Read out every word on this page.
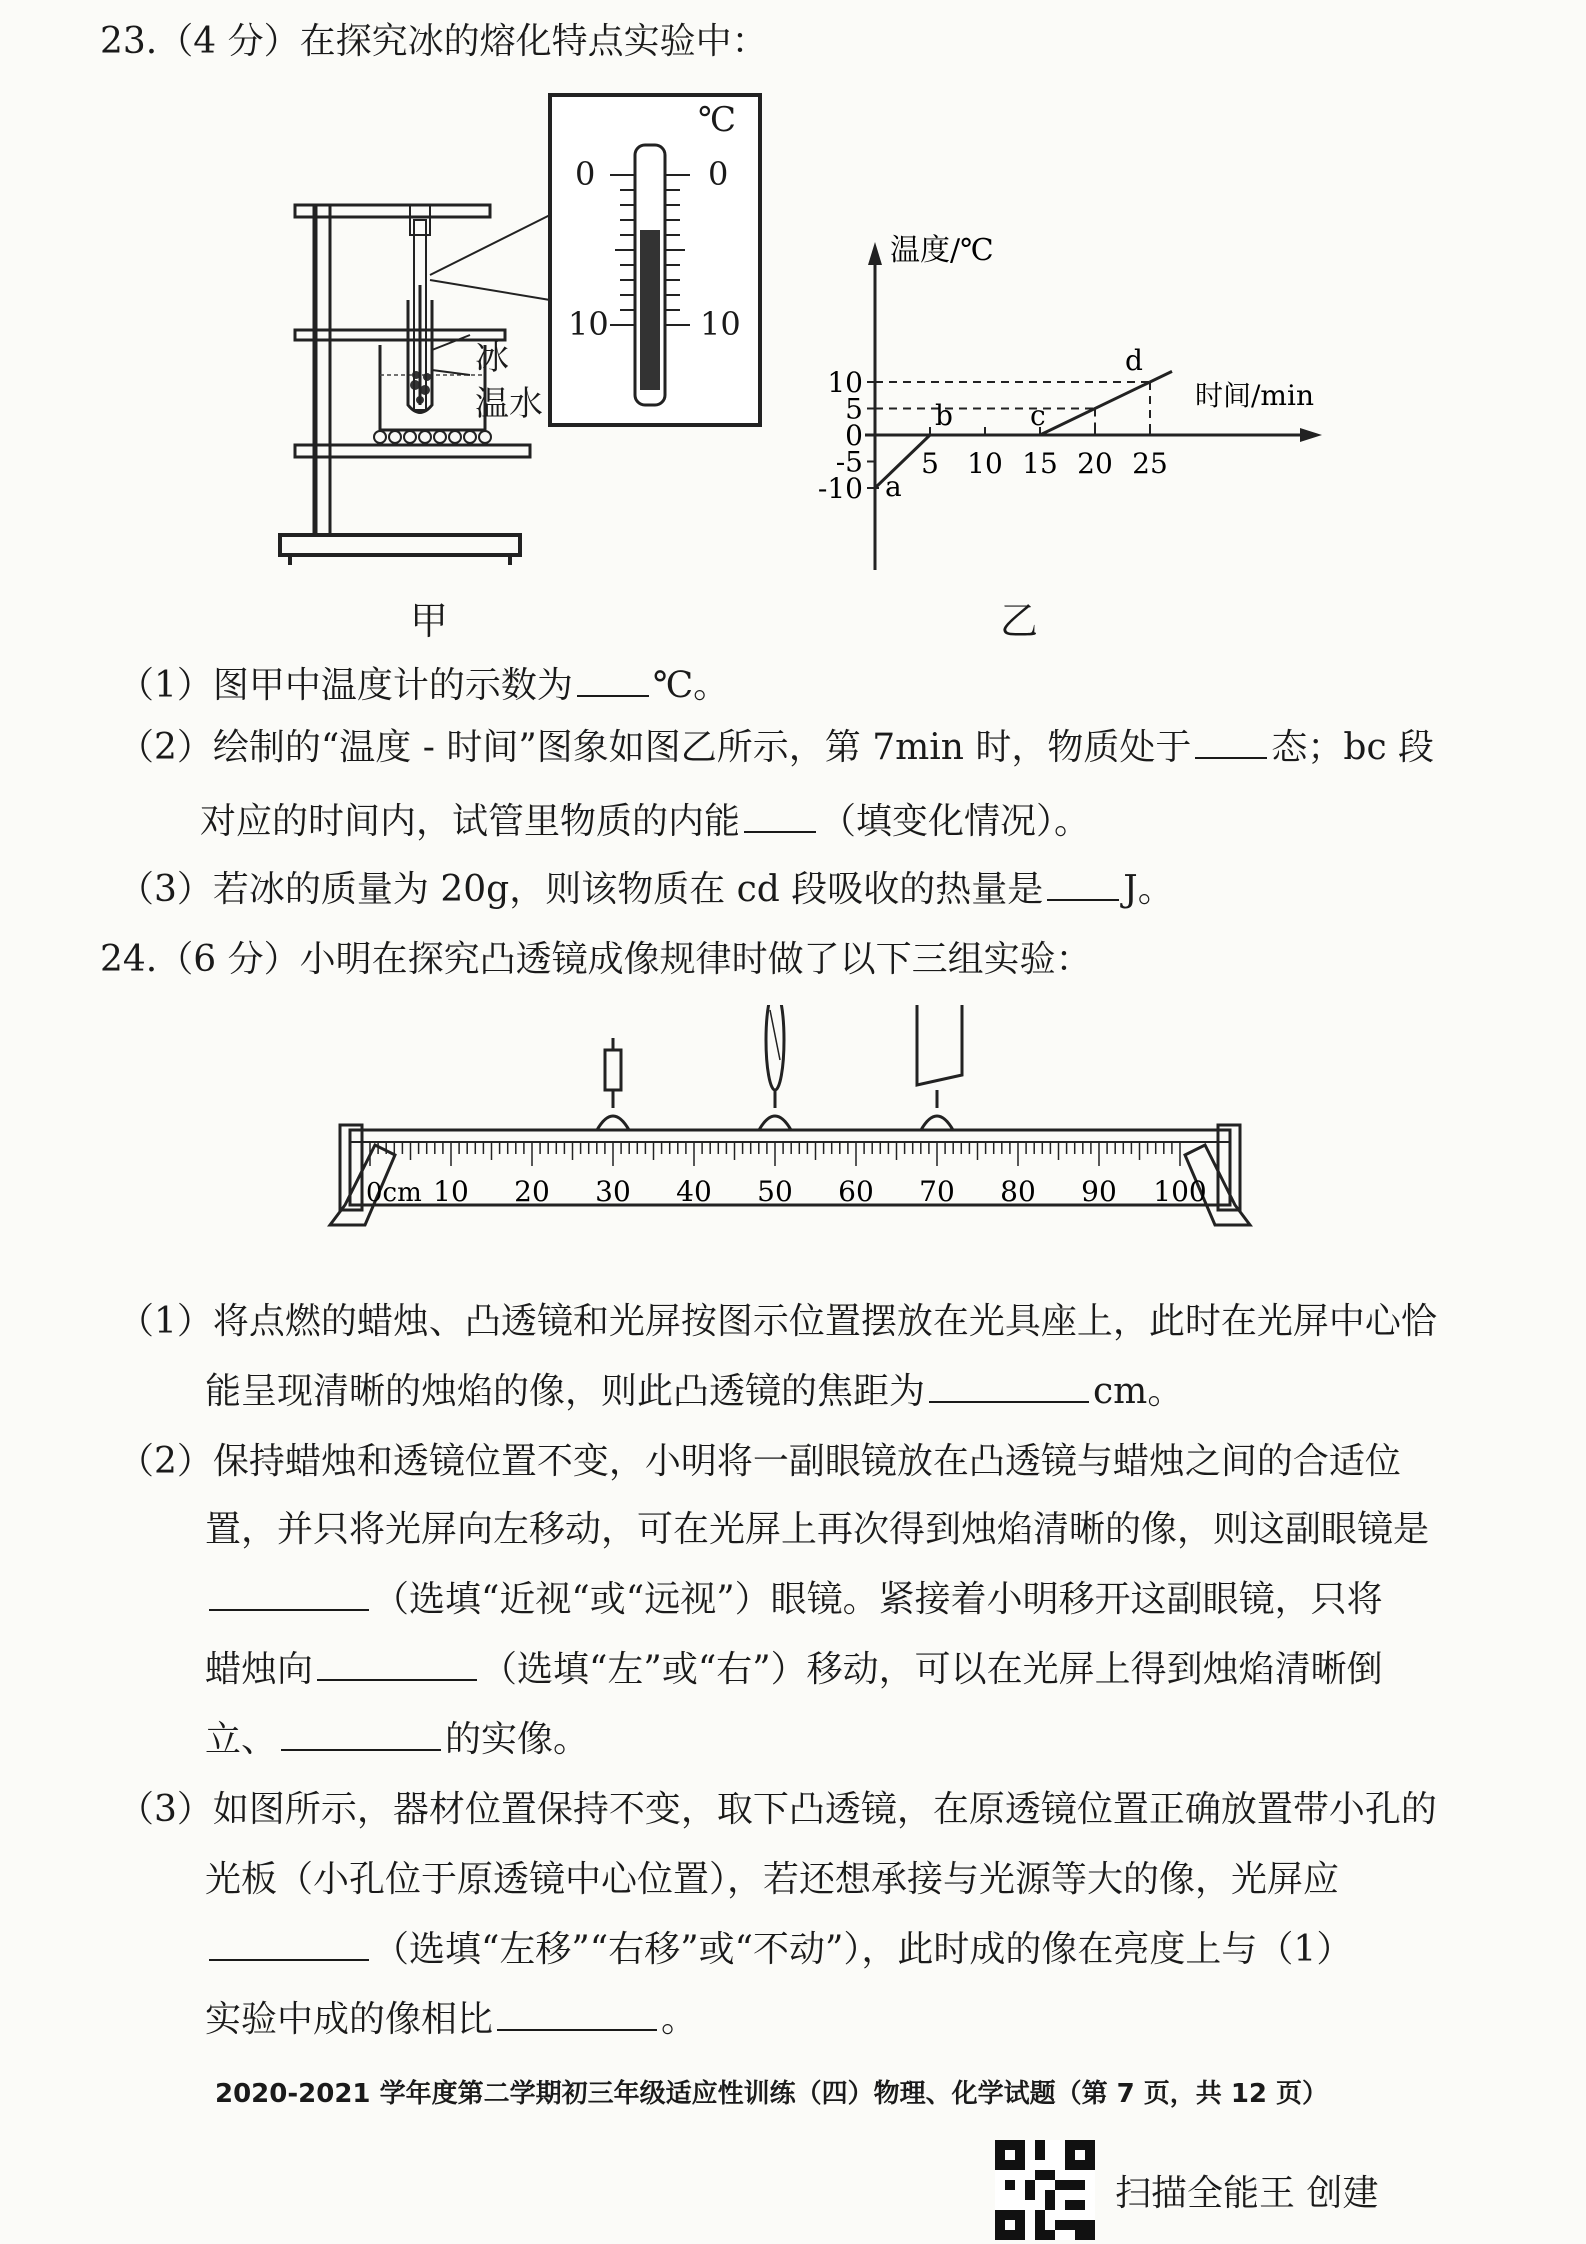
23.（4 分）在探究冰的熔化特点实验中：
℃
0	0
10	10
冰
温水
甲
温度/℃
时间/min
-10
-5
0
5
10
5 10 15 20 25
a
b	c
d
乙
（1）图甲中温度计的示数为 ℃。
（2）绘制的“温度 - 时间”图象如图乙所示，第 7min 时，物质处于 态；bc 段
对应的时间内，试管里物质的内能 （填变化情况）。
（3）若冰的质量为 20g，则该物质在 cd 段吸收的热量是 J。
24.（6 分）小明在探究凸透镜成像规律时做了以下三组实验：
0cm 10 20 30 40 50 60 70 80 90 100
（1）将点燃的蜡烛、凸透镜和光屏按图示位置摆放在光具座上，此时在光屏中心恰
能呈现清晰的烛焰的像，则此凸透镜的焦距为	cm。
（2）保持蜡烛和透镜位置不变，小明将一副眼镜放在凸透镜与蜡烛之间的合适位
置，并只将光屏向左移动，可在光屏上再次得到烛焰清晰的像，则这副眼镜是
（选填“近视“或“远视”）眼镜。紧接着小明移开这副眼镜，只将
蜡烛向	（选填“左”或“右”）移动，可以在光屏上得到烛焰清晰倒
立、	的实像。
（3）如图所示，器材位置保持不变，取下凸透镜，在原透镜位置正确放置带小孔的
光板（小孔位于原透镜中心位置），若还想承接与光源等大的像，光屏应
（选填“左移”“右移”或“不动”），此时成的像在亮度上与（1）
实验中成的像相比	。
2020-2021 学年度第二学期初三年级适应性训练（四）物理、化学试题（第 7 页，共 12 页）
扫描全能王 创建
